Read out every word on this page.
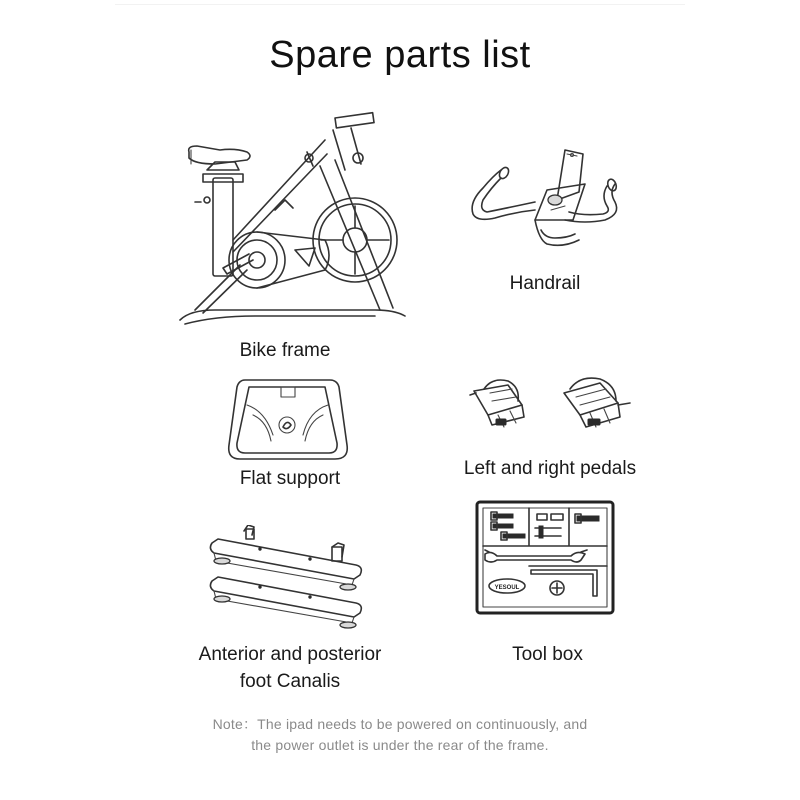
Spare parts list
Bike frame
Handrail
Flat support	Left and right pedals
Anterior and posterior
foot Canalis
YESOUL
Tool box
Note：The ipad needs to be powered on continuously, and
the power outlet is under the rear of the frame.
